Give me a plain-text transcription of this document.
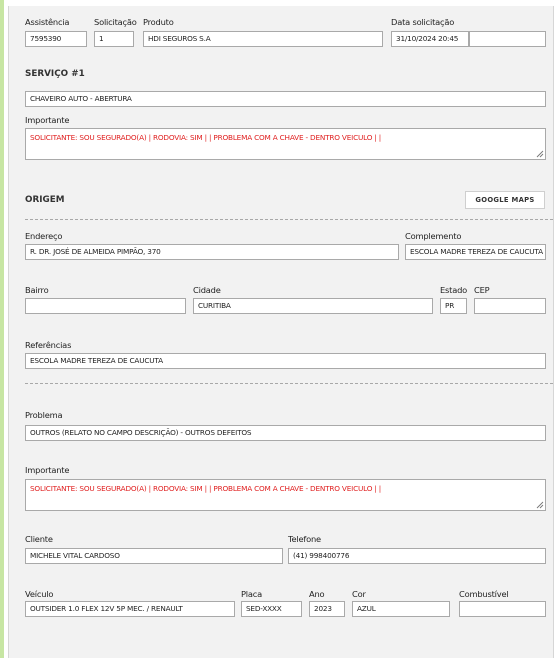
Assistência
7595390
Solicitação
1
Produto
HDI SEGUROS S.A
Data solicitação
31/10/2024 20:45
SERVIÇO #1
CHAVEIRO AUTO - ABERTURA
Importante
SOLICITANTE: SOU SEGURADO(A) | RODOVIA: SIM | | PROBLEMA COM A CHAVE - DENTRO VEICULO | |
ORIGEM	GOOGLE MAPS
Endereço
R. DR. JOSÉ DE ALMEIDA PIMPÃO, 370
Complemento
ESCOLA MADRE TEREZA DE CAUCUTA
Bairro	Cidade
CURITIBA
Estado
PR
CEP
Referências
ESCOLA MADRE TEREZA DE CAUCUTA
Problema
OUTROS (RELATO NO CAMPO DESCRIÇÃO) - OUTROS DEFEITOS
Importante
SOLICITANTE: SOU SEGURADO(A) | RODOVIA: SIM | | PROBLEMA COM A CHAVE - DENTRO VEICULO | |
Cliente
MICHELE VITAL CARDOSO
Telefone
(41) 998400776
Veículo
OUTSIDER 1.0 FLEX 12V 5P MEC. / RENAULT
Placa
SED-XXXX
Ano
2023
Cor
AZUL
Combustível
